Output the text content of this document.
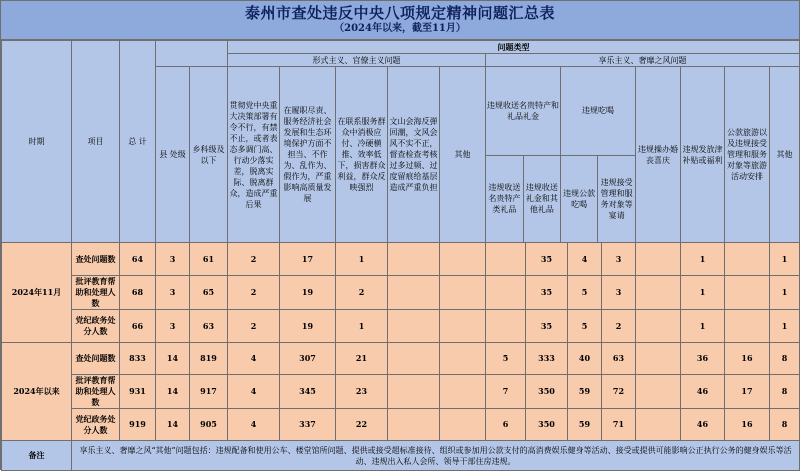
泰州市查处违反中央八项规定精神问题汇总表
（2024年以来，截至11月）
时期	项目	总 计		问题类型
	形式主义、官僚主义问题	享乐主义、奢靡之风问题
县 处级	乡科级及以下	贯彻党中央重大决策部署有令不行，有禁不止，或者表态多调门高、行动少落实差，脱离实际、脱离群众，造成严重后果	在履职尽责、服务经济社会发展和生态环境保护方面不担当、不作为、乱作为、假作为，严重影响高质量发展	在联系服务群众中消极应付、冷硬横推、效率低下，损害群众利益，群众反映强烈	文山会海反弹回潮，文风会风不实不正，督查检查考核过多过频、过度留痕给基层造成严重负担	其他	
违规收送名贵特产和礼品礼金	违规吃喝
违规收送名贵特产类礼品	违规收送礼金和其他礼品	违规公款吃喝	违规接受管理和服务对象等宴请
	违规操办婚丧喜庆	违规发放津补贴或福利	公款旅游以及违规接受管理和服务对象等旅游活动安排	其他
2024年11月	查处问题数	64	3	61	2	17	1				35	4	3		1		1
批评教育帮助和处理人数	68	3	65	2	19	2				35	5	3		1		1
党纪政务处分人数	66	3	63	2	19	1				35	5	2		1		1
2024年以来	查处问题数	833	14	819	4	307	21			5	333	40	63		36	16	8
批评教育帮助和处理人数	931	14	917	4	345	23			7	350	59	72		46	17	8
党纪政务处分人数	919	14	905	4	337	22			6	350	59	71		46	16	8
备注	享乐主义、奢靡之风“其他”问题包括：违规配备和使用公车、楼堂馆所问题、提供或接受超标准接待、组织或参加用公款支付的高消费娱乐健身等活动、接受或提供可能影响公正执行公务的健身娱乐等活动、违规出入私人会所、领导干部住房违规。
